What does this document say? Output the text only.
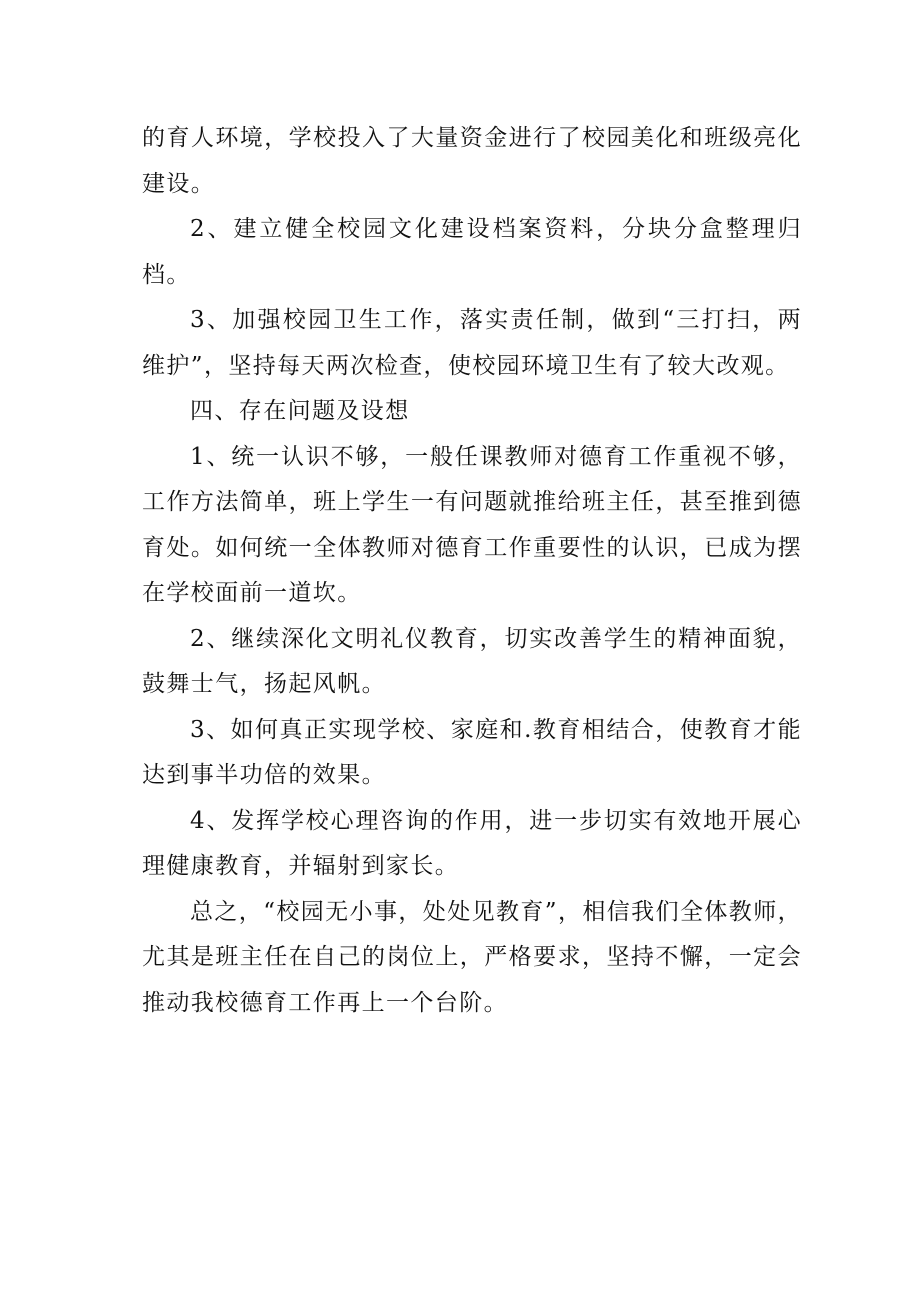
的育人环境，学校投入了大量资金进行了校园美化和班级亮化建设。

2、建立健全校园文化建设档案资料，分块分盒整理归档。

3、加强校园卫生工作，落实责任制，做到“三打扫，两维护”，坚持每天两次检查，使校园环境卫生有了较大改观。

四、存在问题及设想

1、统一认识不够，一般任课教师对德育工作重视不够，工作方法简单，班上学生一有问题就推给班主任，甚至推到德育处。如何统一全体教师对德育工作重要性的认识，已成为摆在学校面前一道坎。

2、继续深化文明礼仪教育，切实改善学生的精神面貌，鼓舞士气，扬起风帆。

3、如何真正实现学校、家庭和.教育相结合，使教育才能达到事半功倍的效果。

4、发挥学校心理咨询的作用，进一步切实有效地开展心理健康教育，并辐射到家长。

总之，“校园无小事，处处见教育”，相信我们全体教师，尤其是班主任在自己的岗位上，严格要求，坚持不懈，一定会推动我校德育工作再上一个台阶。
